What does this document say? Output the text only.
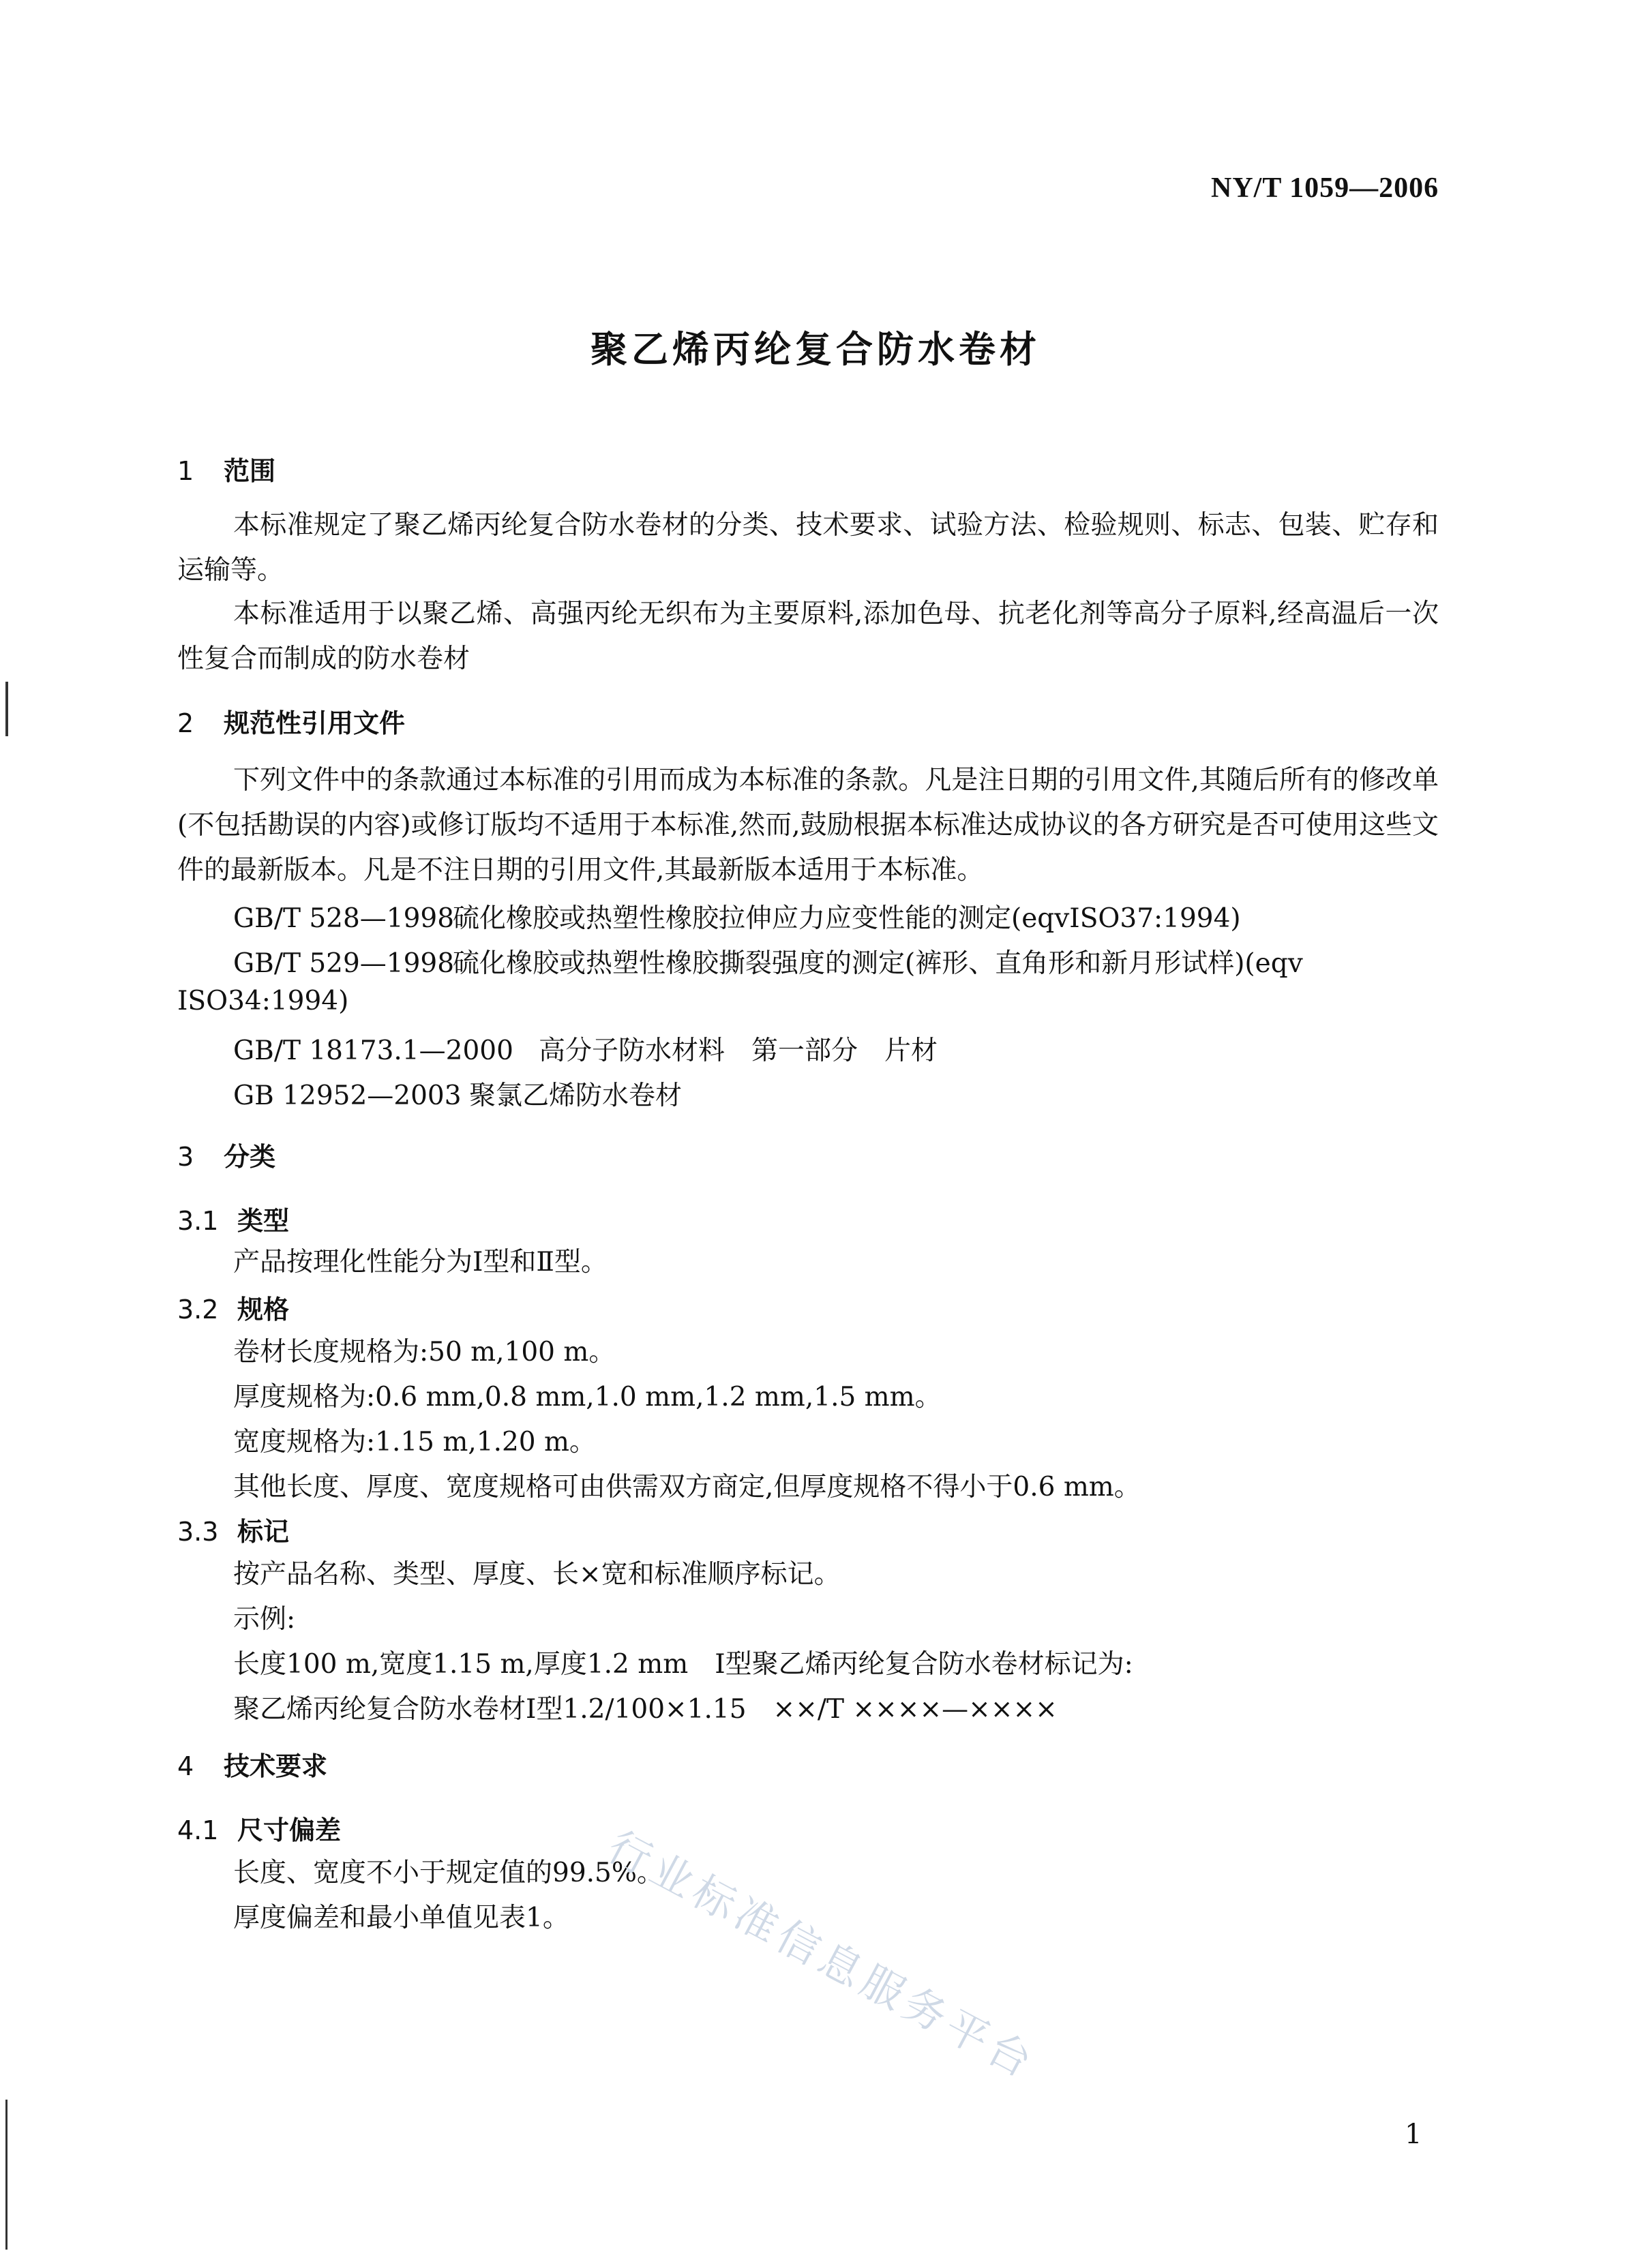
NY/T 1059—2006
聚乙烯丙纶复合防水卷材
1 范围
本标准规定了聚乙烯丙纶复合防水卷材的分类、技术要求、试验方法、检验规则、标志、包装、贮存和运输等。
本标准适用于以聚乙烯、高强丙纶无织布为主要原料,添加色母、抗老化剂等高分子原料,经高温后一次性复合而制成的防水卷材
2 规范性引用文件
下列文件中的条款通过本标准的引用而成为本标准的条款。凡是注日期的引用文件,其随后所有的修改单(不包括勘误的内容)或修订版均不适用于本标准,然而,鼓励根据本标准达成协议的各方研究是否可使用这些文件的最新版本。凡是不注日期的引用文件,其最新版本适用于本标准。
GB/T 528—1998硫化橡胶或热塑性橡胶拉伸应力应变性能的测定(eqvISO37:1994)
GB/T 529—1998硫化橡胶或热塑性橡胶撕裂强度的测定(裤形、直角形和新月形试样)(eqv
ISO34:1994)
GB/T 18173.1—2000 高分子防水材料　第一部分　片材
GB 12952—2003 聚氯乙烯防水卷材
3 分类
3.1 类型
产品按理化性能分为Ⅰ型和Ⅱ型。
3.2 规格
卷材长度规格为:50 m,100 m。
厚度规格为:0.6 mm,0.8 mm,1.0 mm,1.2 mm,1.5 mm。
宽度规格为:1.15 m,1.20 m。
其他长度、厚度、宽度规格可由供需双方商定,但厚度规格不得小于0.6 mm。
3.3 标记
按产品名称、类型、厚度、长×宽和标准顺序标记。
示例:
长度100 m,宽度1.15 m,厚度1.2 mm　Ⅰ型聚乙烯丙纶复合防水卷材标记为:
聚乙烯丙纶复合防水卷材Ⅰ型1.2/100×1.15　××/T ××××—××××
4 技术要求
4.1 尺寸偏差
长度、宽度不小于规定值的99.5%。
厚度偏差和最小单值见表1。 行业标准信息服务平台
1
